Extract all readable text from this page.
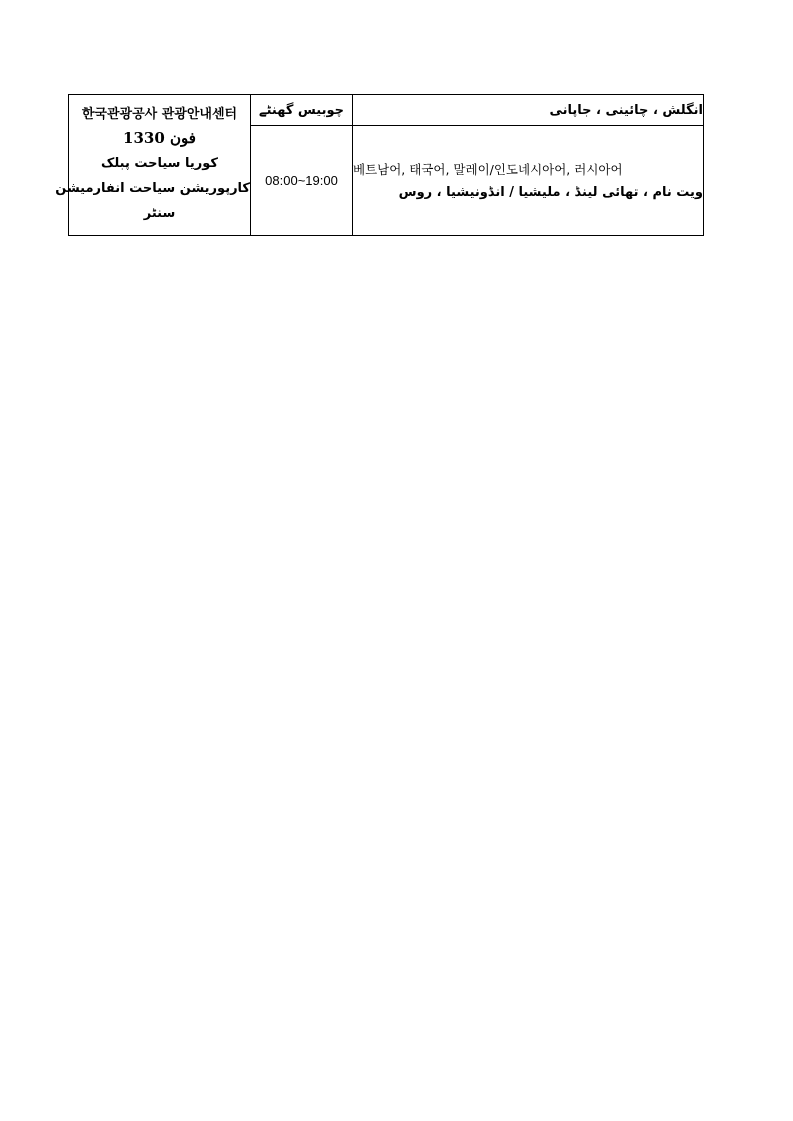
한국관광공사 관광안내센터
فون 1330
کوریا سیاحت پبلک
کارپوریشن سیاحت انفارمیشن
سنٹر	چوبیس گھنٹے	انگلش ، چائینی ، جاپانی
	08:00~19:00	베트남어, 태국어, 말레이/인도네시아어, 러시아어
ویت نام ، تھائی لینڈ ، ملیشیا / انڈونیشیا ، روس
